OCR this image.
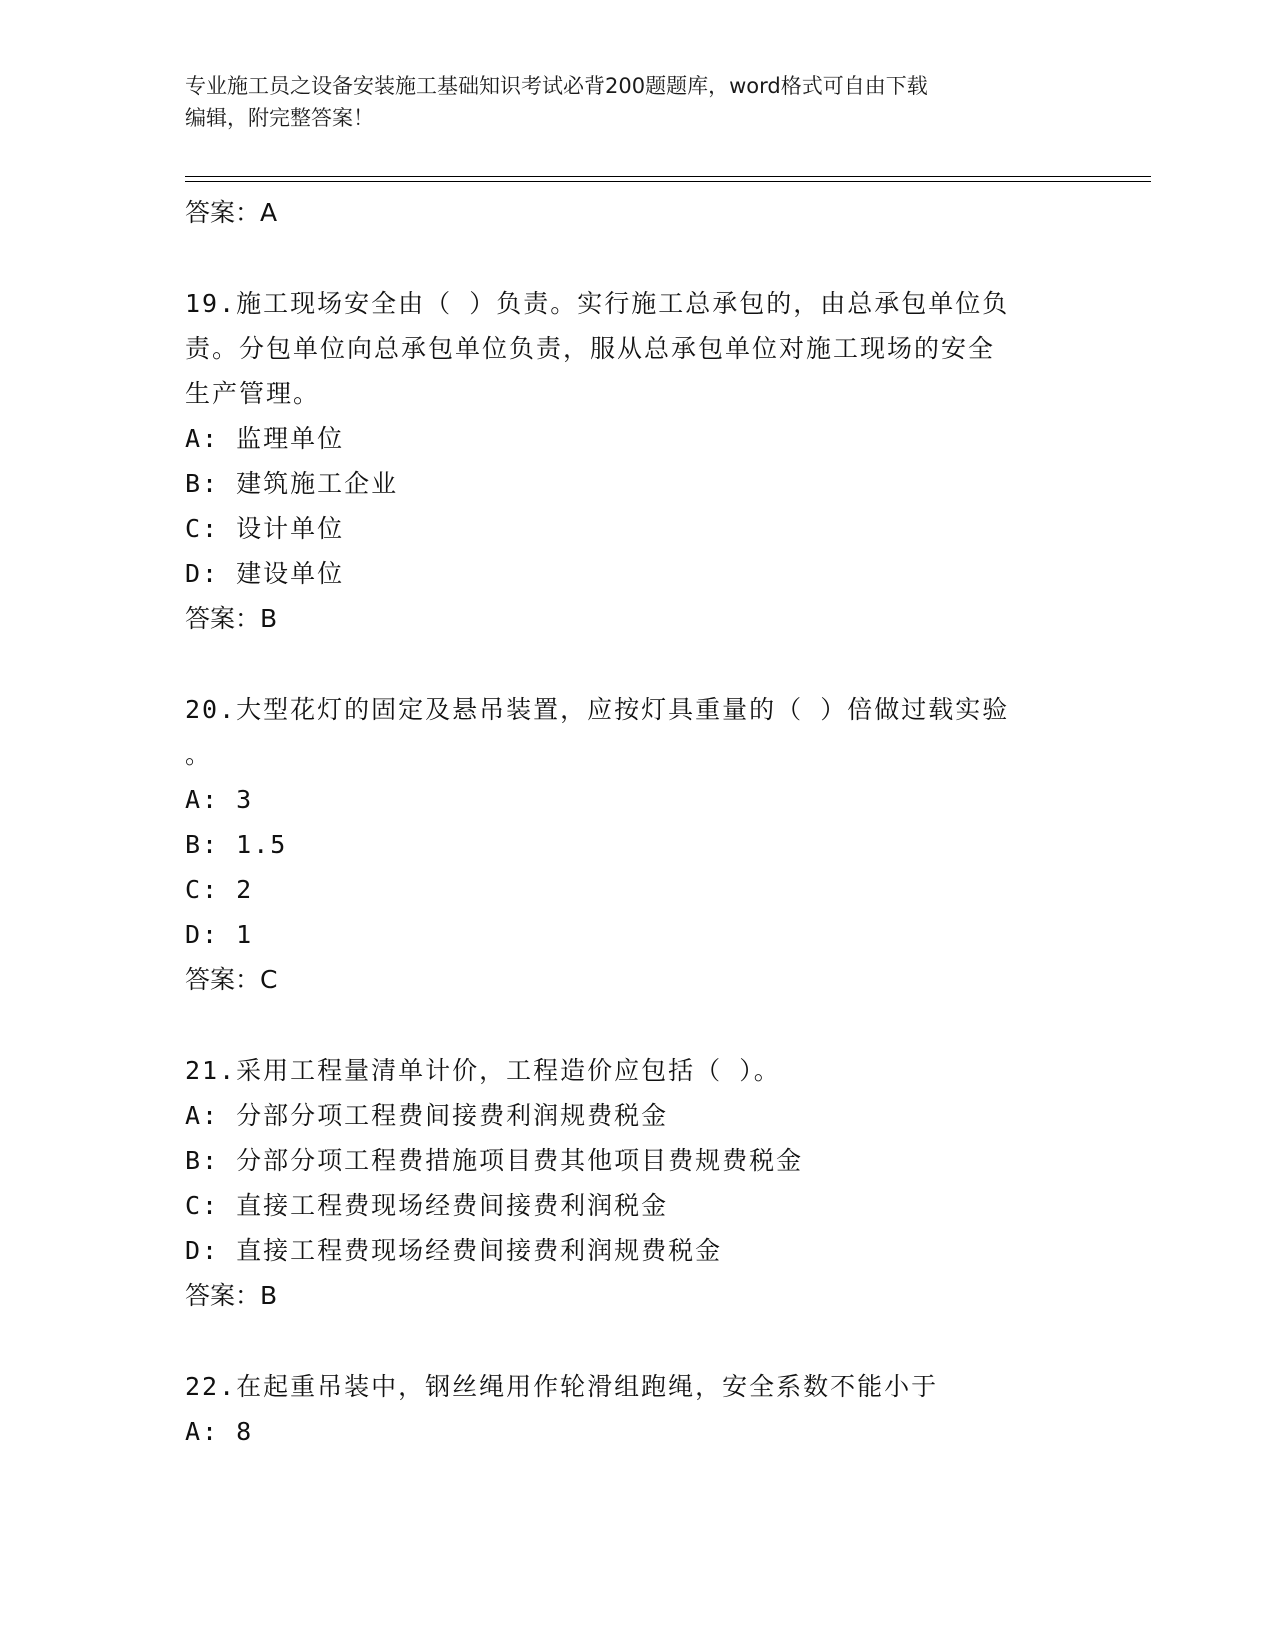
专业施工员之设备安装施工基础知识考试必背200题题库，word格式可自由下载
编辑，附完整答案！
答案：A
19.施工现场安全由（ ）负责。实行施工总承包的，由总承包单位负
责。分包单位向总承包单位负责，服从总承包单位对施工现场的安全
生产管理。
A: 监理单位
B: 建筑施工企业
C: 设计单位
D: 建设单位
答案：B
20.大型花灯的固定及悬吊装置，应按灯具重量的（ ）倍做过载实验
。
A: 3
B: 1.5
C: 2
D: 1
答案：C
21.采用工程量清单计价，工程造价应包括（ ）。
A: 分部分项工程费间接费利润规费税金
B: 分部分项工程费措施项目费其他项目费规费税金
C: 直接工程费现场经费间接费利润税金
D: 直接工程费现场经费间接费利润规费税金
答案：B
22.在起重吊装中，钢丝绳用作轮滑组跑绳，安全系数不能小于
A: 8
